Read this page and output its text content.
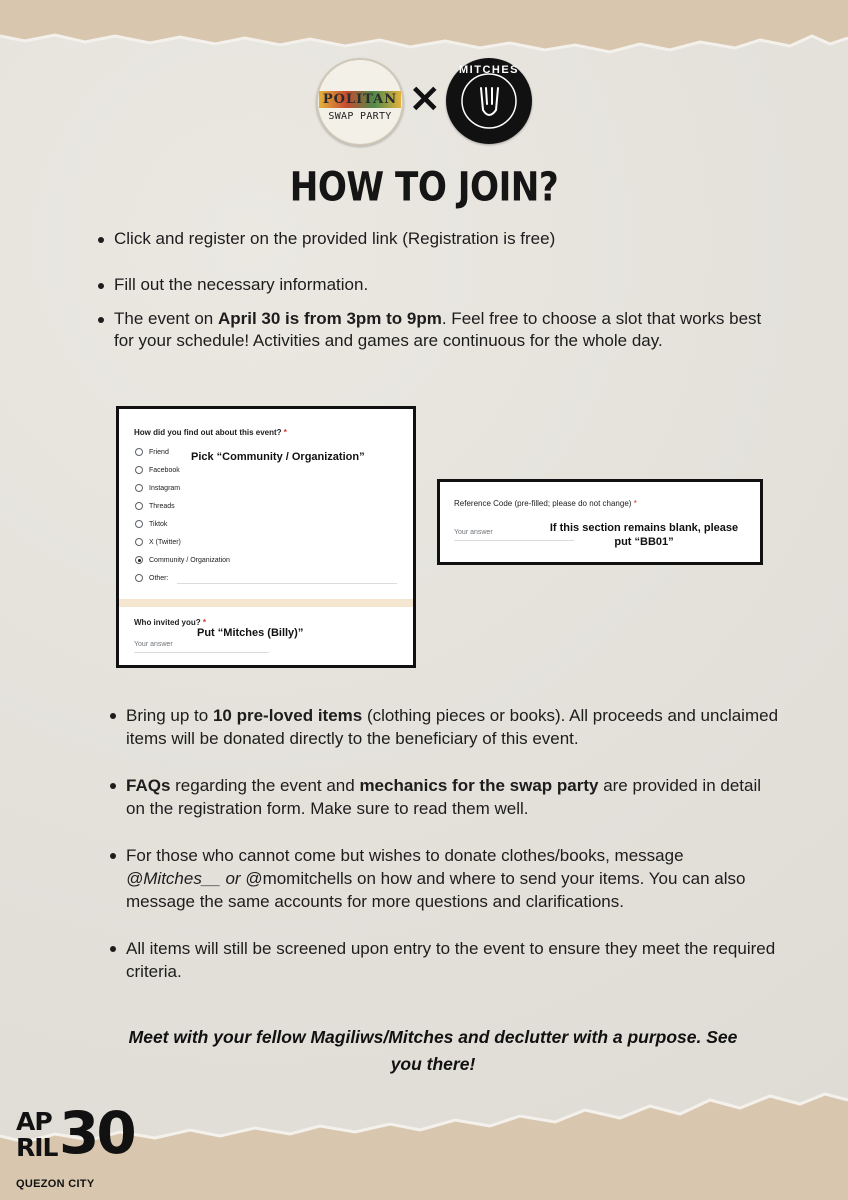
POLITAN
SWAP PARTY ×
MITCHES
HOW TO JOIN?
Click and register on the provided link (Registration is free)
Fill out the necessary information.
The event on April 30 is from 3pm to 9pm. Feel free to choose a slot that works best for your schedule! Activities and games are continuous for the whole day.
How did you find out about this event? *
Friend
Facebook
Instagram
Threads
Tiktok
X (Twitter)
Community / Organization
Other:
Pick “Community / Organization”
Who invited you? *
Your answer
Put “Mitches (Billy)”
Reference Code (pre-filled; please do not change) *
Your answer	If this section remains blank, please
put “BB01”
Bring up to 10 pre-loved items (clothing pieces or books). All proceeds and unclaimed items will be donated directly to the beneficiary of this event.
FAQs regarding the event and mechanics for the swap party are provided in detail on the registration form. Make sure to read them well.
For those who cannot come but wishes to donate clothes/books, message @Mitches__ or @momitchells on how and where to send your items. You can also message the same accounts for more questions and clarifications.
All items will still be screened upon entry to the event to ensure they meet the required criteria.
Meet with your fellow Magiliws/Mitches and declutter with a purpose. See you there!
AP
RIL 30
QUEZON CITY
